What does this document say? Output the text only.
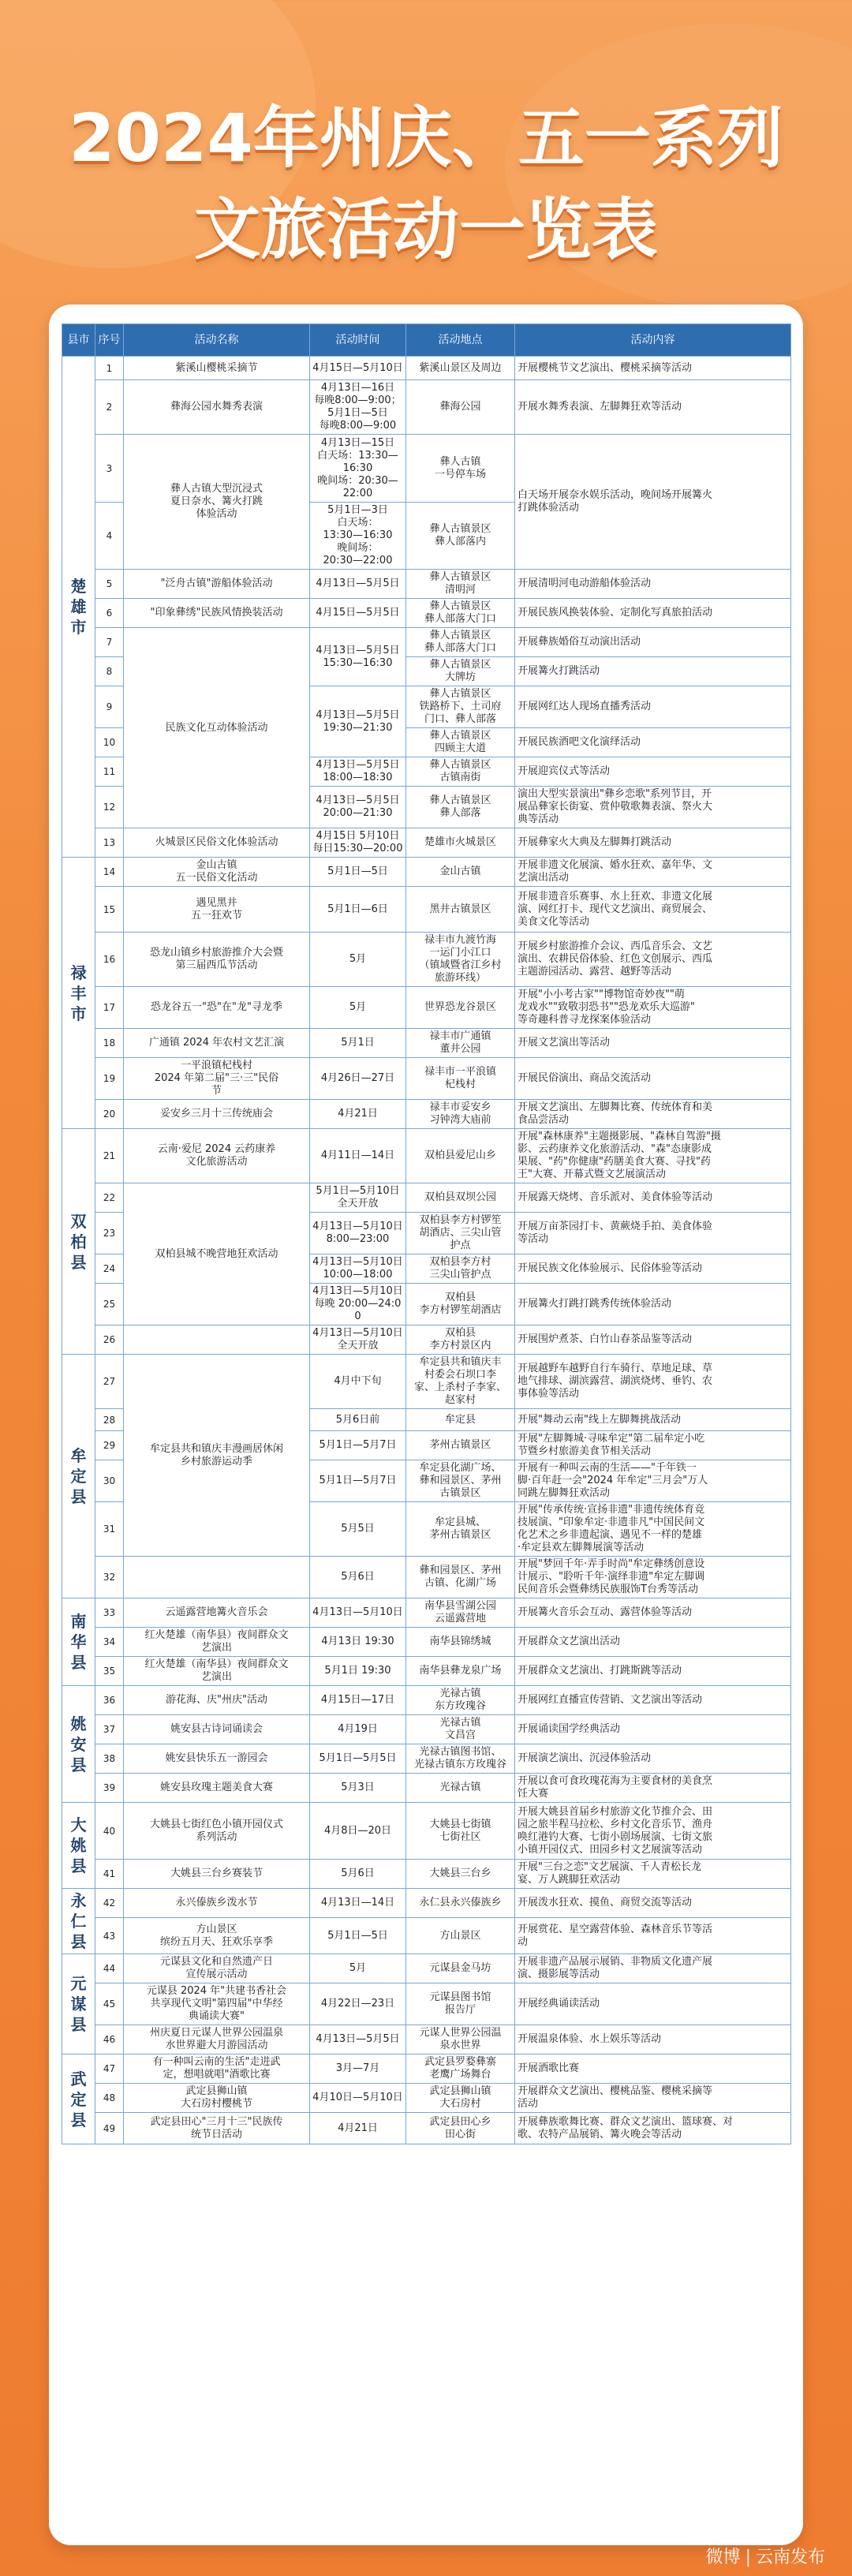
2024年州庆、五一系列
文旅活动一览表
县市	序号	活动名称	活动时间	活动地点	活动内容
楚
雄
市	1	紫溪山樱桃采摘节	4月15日—5月10日	紫溪山景区及周边	开展樱桃节文艺演出、樱桃采摘等活动
	2	彝海公园水舞秀表演	4月13日—16日
每晚8:00—9:00；
5月1日—5日
每晚8:00—9:00	彝海公园	开展水舞秀表演、左脚舞狂欢等活动
	3	彝人古镇大型沉浸式
夏日奈水、篝火打跳
体验活动	4月13日—15日
白天场：13:30—
16:30
晚间场：20:30—
22:00	彝人古镇
一号停车场	白天场开展奈水娱乐活动，晚间场开展篝火
打跳体验活动
	4		5月1日—3日
白天场：
13:30—16:30
晚间场：
20:30—22:00	彝人古镇景区
彝人部落内	
	5	"泛舟古镇"游船体验活动	4月13日—5月5日	彝人古镇景区
清明河	开展清明河电动游船体验活动
	6	"印象彝绣"民族风情换装活动	4月15日—5月5日	彝人古镇景区
彝人部落大门口	开展民族风换装体验、定制化写真旅拍活动
	7	民族文化互动体验活动	4月13日—5月5日
15:30—16:30	彝人古镇景区
彝人部落大门口	开展彝族婚俗互动演出活动
	8			彝人古镇景区
大牌坊	开展篝火打跳活动
	9		4月13日—5月5日
19:30—21:30	彝人古镇景区
铁路桥下、土司府
门口、彝人部落	开展网红达人现场直播秀活动
	10			彝人古镇景区
四顾主大道	开展民族酒吧文化演绎活动
	11		4月13日—5月5日
18:00—18:30	彝人古镇景区
古镇南街	开展迎宾仪式等活动
	12		4月13日—5月5日
20:00—21:30	彝人古镇景区
彝人部落	演出大型实景演出"彝乡恋歌"系列节目，开
展品彝家长街宴、赏仲敬歌舞表演、祭火大
典等活动
	13	火城景区民俗文化体验活动	4月15日 5月10日
每日15:30—20:00	楚雄市火城景区	开展彝家火大典及左脚舞打跳活动
禄
丰
市	14	金山古镇
五一民俗文化活动	5月1日—5日	金山古镇	开展非遗文化展演、婚水狂欢、嘉年华、文
艺演出活动
	15	遇见黑井
五一狂欢节	5月1日—6日	黑井古镇景区	开展非遗音乐赛事、水上狂欢、非遗文化展
演、网红打卡、现代文艺演出、商贸展会、
美食文化等活动
	16	恐龙山镇乡村旅游推介大会暨
第三届西瓜节活动	5月	禄丰市九渡竹海
一运门小江口
（镇域暨省江乡村
旅游环线）	开展乡村旅游推介会议、西瓜音乐会、文艺
演出、农耕民俗体验、红色文创展示、西瓜
主题游园活动、露营、越野等活动
	17	恐龙谷五一"恐"在"龙"寻龙季	5月	世界恐龙谷景区	开展"小小考古家""博物馆奇妙夜""萌
龙戏水""致敬羽恐书""恐龙欢乐大巡游"
等奇趣科普寻龙探案体验活动
	18	广通镇 2024 年农村文艺汇演	5月1日	禄丰市广通镇
董井公园	开展文艺演出等活动
	19	一平浪镇杞栈村
2024 年第二届"三·三"民俗
节	4月26日—27日	禄丰市一平浪镇
杞栈村	开展民俗演出、商品交流活动
	20	妥安乡三月十三传统庙会	4月21日	禄丰市妥安乡
习钟湾大庙前	开展文艺演出、左脚舞比赛、传统体育和美
食品尝活动
双
柏
县	21	云南·爱尼 2024 云药康养
文化旅游活动	4月11日—14日	双柏县爱尼山乡	开展"森林康养"主题摄影展、"森林自驾游"摄
影、云药康养文化旅游活动、"森"态康影成
果展、"药"你健康"药膳美食大赛、寻找"药
王"大赛、开幕式暨文艺展演活动
	22	双柏县城不晚营地狂欢活动	5月1日—5月10日
全天开放	双柏县双坝公园	开展露天烧烤、音乐派对、美食体验等活动
	23		4月13日—5月10日
8:00—23:00	双柏县李方村锣笙
胡酒店、三尖山管
护点	开展万亩茶园打卡、黄蕨烧手拍、美食体验
等活动
	24		4月13日—5月10日
10:00—18:00	双柏县李方村
三尖山管护点	开展民族文化体验展示、民俗体验等活动
	25		4月13日—5月10日
每晚 20:00—24:00	双柏县
李方村锣笙胡酒店	开展篝火打跳打跳秀传统体验活动
	26		4月13日—5月10日
全天开放	双柏县
李方村景区内	开展围炉煮茶、白竹山春茶品鉴等活动
牟
定
县	27	牟定县共和镇庆丰漫画居休闲
乡村旅游运动季	4月中下旬	牟定县共和镇庆丰
村委会石坝口李
家、上杀村子李家、
赵家村	开展越野车越野自行车骑行、草地足球、草
地气排球、湖滨露营、湖滨烧烤、垂钓、农
事体验等活动
	28		5月6日前	牟定县	开展"舞动云南"线上左脚舞挑战活动
	29		5月1日—5月7日	茅州古镇景区	开展"左脚舞城·寻味牟定"第二届牟定小吃
节暨乡村旅游美食节相关活动
	30		5月1日—5月7日	牟定县化湖广场、
彝和园景区、茅州
古镇景区	开展有一种叫云南的生活——"千年铁一
脚·百年赶一会"2024 年牟定"三月会"万人
同跳左脚舞狂欢活动
	31		5月5日	牟定县城、
茅州古镇景区	开展"传承传统·宣扬非遗"非遗传统体育竞
技展演、"印象牟定·非遗非凡"中国民间文
化艺术之乡非遗起演、遇见不一样的楚雄
·牟定县欢左脚舞展演等活动
	32		5月6日	彝和园景区、茅州
古镇、化湖广场	开展"梦回千年·弄手时尚"牟定彝绣创意设
计展示、"聆听千年·演绎非遗"牟定左脚调
民间音乐会暨彝绣民族服饰T台秀等活动
南
华
县	33	云遥露营地篝火音乐会	4月13日—5月10日	南华县雪湖公园
云遥露营地	开展篝火音乐会互动、露营体验等活动
	34	红火楚雄（南华县）夜间群众文
艺演出	4月13日 19:30	南华县锦绣城	开展群众文艺演出活动
	35	红火楚雄（南华县）夜间群众文
艺演出	5月1日 19:30	南华县彝龙泉广场	开展群众文艺演出、打跳斯跳等活动
姚
安
县	36	游花海、庆"州庆"活动	4月15日—17日	光禄古镇
东方玫瑰谷	开展网红直播宣传营销、文艺演出等活动
	37	姚安县古诗词诵读会	4月19日	光禄古镇
文昌宫	开展诵读国学经典活动
	38	姚安县快乐五一游园会	5月1日—5月5日	光禄古镇图书馆、
光禄古镇东方玫瑰谷	开展演艺演出、沉浸体验活动
	39	姚安县玫瑰主题美食大赛	5月3日	光禄古镇	开展以食可食玫瑰花海为主要食材的美食烹
饪大赛
大
姚
县	40	大姚县七街红色小镇开园仪式
系列活动	4月8日—20日	大姚县七街镇
七街社区	开展大姚县首届乡村旅游文化节推介会、田
园之旅半程马拉松、乡村文化音乐节、渔舟
唤红港钓大赛、七街小剧场展演、七街文旅
小镇开园仪式、田园乡村文艺展演等活动
	41	大姚县三台乡赛装节	5月6日	大姚县三台乡	开展"三台之恋"文艺展演、千人青松长龙
宴、万人跳脚狂欢活动
永
仁
县	42	永兴傣族乡泼水节	4月13日—14日	永仁县永兴傣族乡	开展泼水狂欢、摸鱼、商贸交流等活动
	43	方山景区
缤纷五月天、狂欢乐享季	5月1日—5日	方山景区	开展赏花、星空露营体验、森林音乐节等活
动
元
谋
县	44	元谋县文化和自然遗产日
宣传展示活动	5月	元谋县金马坊	开展非遗产品展示展销、非物质文化遗产展
演、摄影展等活动
	45	元谋县 2024 年"共建书香社会
共享现代文明"第四届"中华经
典诵读大赛"	4月22日—23日	元谋县图书馆
报告厅	开展经典诵读活动
	46	州庆夏日元谋人世界公园温泉
水世界避大月游园活动	4月13日—5月5日	元谋人世界公园温
泉水世界	开展温泉体验、水上娱乐等活动
武
定
县	47	有一种叫云南的生活"走进武
定，想唱就唱"酒歌比赛	3月—7月	武定县罗婺彝寨
老鹰广场舞台	开展酒歌比赛
	48	武定县狮山镇
大石房村樱桃节	4月10日—5月10日	武定县狮山镇
大石房村	开展群众文艺演出、樱桃品鉴、樱桃采摘等
活动
	49	武定县田心"三月十三"民族传
统节日活动	4月21日	武定县田心乡
田心街	开展彝族歌舞比赛、群众文艺演出、篮球赛、对
歌、农特产品展销、篝火晚会等活动
微博 | 云南发布
